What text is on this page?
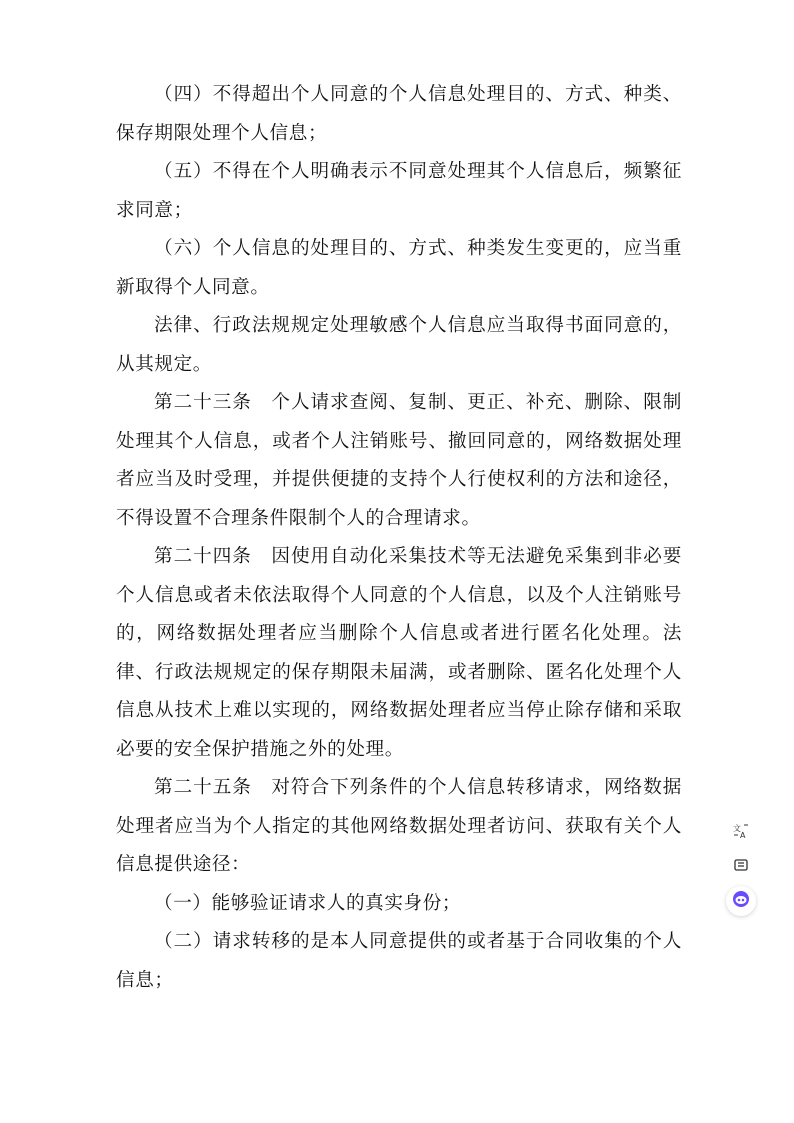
（四）不得超出个人同意的个人信息处理目的、方式、种类、保存期限处理个人信息；

（五）不得在个人明确表示不同意处理其个人信息后，频繁征求同意；

（六）个人信息的处理目的、方式、种类发生变更的，应当重新取得个人同意。

法律、行政法规规定处理敏感个人信息应当取得书面同意的，从其规定。

第二十三条　个人请求查阅、复制、更正、补充、删除、限制处理其个人信息，或者个人注销账号、撤回同意的，网络数据处理者应当及时受理，并提供便捷的支持个人行使权利的方法和途径，不得设置不合理条件限制个人的合理请求。

第二十四条　因使用自动化采集技术等无法避免采集到非必要个人信息或者未依法取得个人同意的个人信息，以及个人注销账号的，网络数据处理者应当删除个人信息或者进行匿名化处理。法律、行政法规规定的保存期限未届满，或者删除、匿名化处理个人信息从技术上难以实现的，网络数据处理者应当停止除存储和采取必要的安全保护措施之外的处理。

第二十五条　对符合下列条件的个人信息转移请求，网络数据处理者应当为个人指定的其他网络数据处理者访问、获取有关个人信息提供途径：

（一）能够验证请求人的真实身份；

（二）请求转移的是本人同意提供的或者基于合同收集的个人信息；

文
A
